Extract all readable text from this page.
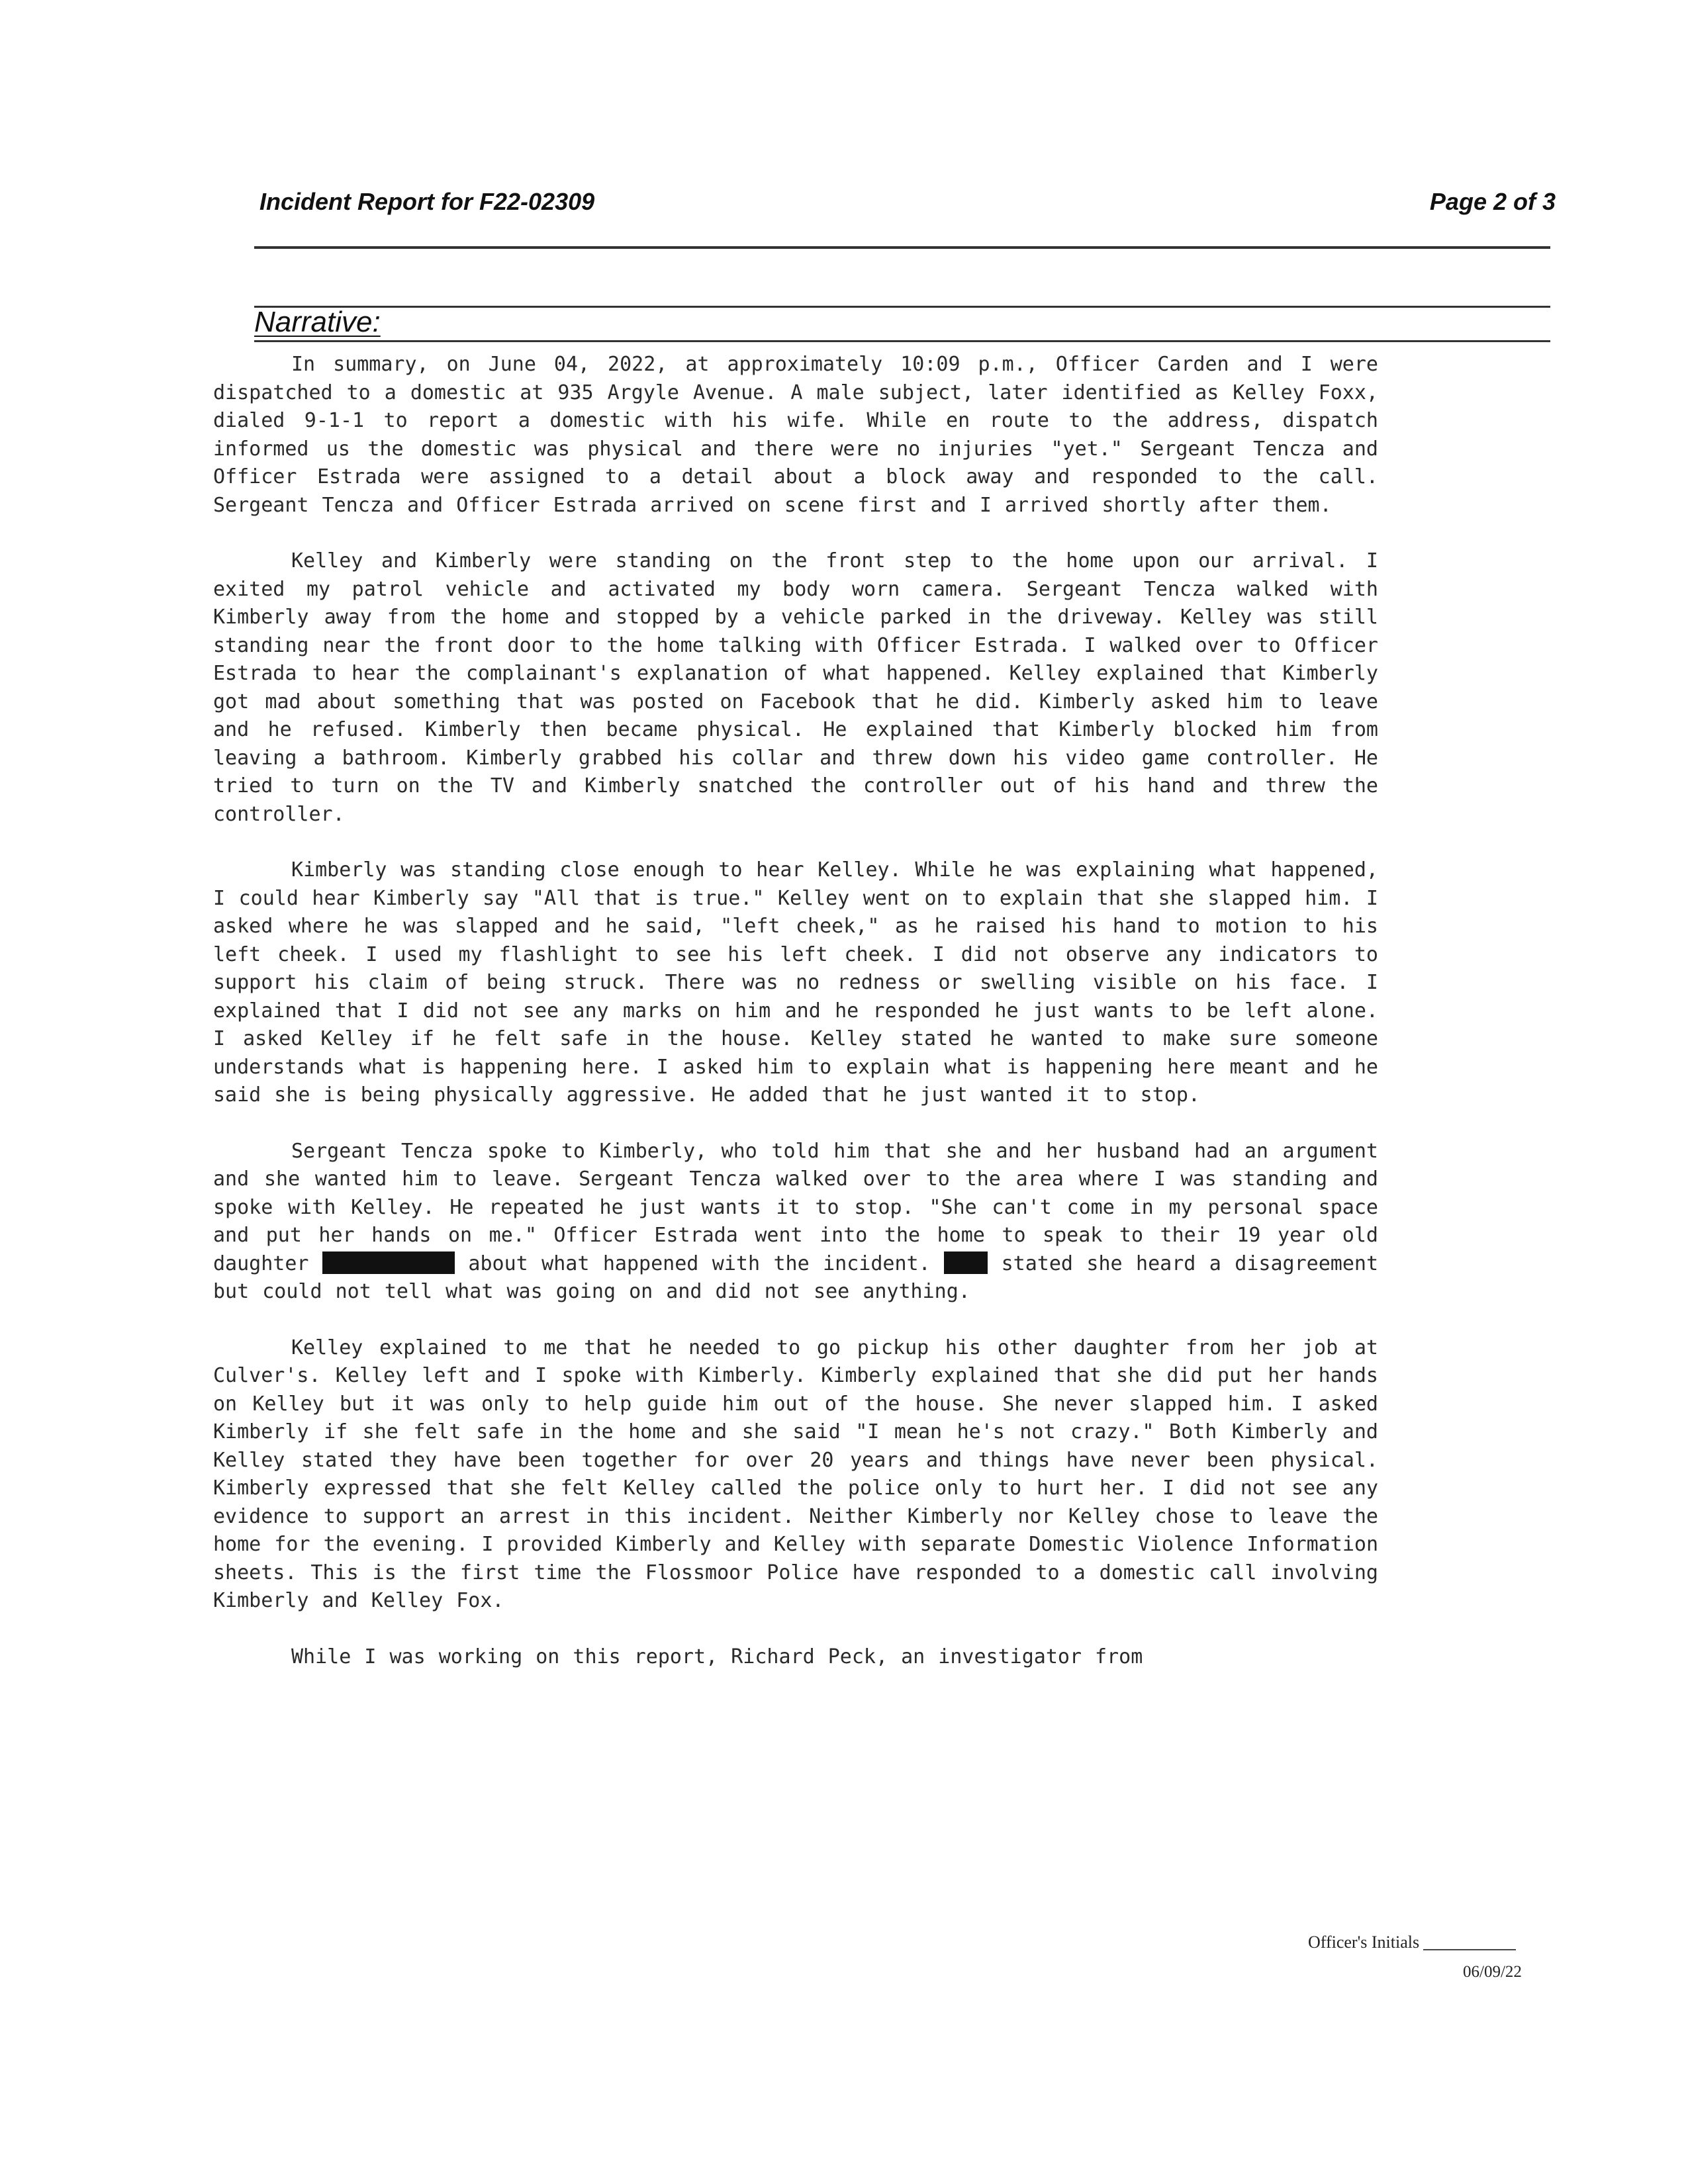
Incident Report for F22-02309	Page 2 of 3
Narrative:

In summary, on June 04, 2022, at approximately 10:09 p.m., Officer Carden and I were dispatched to a domestic at 935 Argyle Avenue. A male subject, later identified as Kelley Foxx, dialed 9-1-1 to report a domestic with his wife. While en route to the address, dispatch informed us the domestic was physical and there were no injuries "yet." Sergeant Tencza and Officer Estrada were assigned to a detail about a block away and responded to the call. Sergeant Tencza and Officer Estrada arrived on scene first and I arrived shortly after them.

Kelley and Kimberly were standing on the front step to the home upon our arrival. I exited my patrol vehicle and activated my body worn camera. Sergeant Tencza walked with Kimberly away from the home and stopped by a vehicle parked in the driveway. Kelley was still standing near the front door to the home talking with Officer Estrada. I walked over to Officer Estrada to hear the complainant's explanation of what happened. Kelley explained that Kimberly got mad about something that was posted on Facebook that he did. Kimberly asked him to leave and he refused. Kimberly then became physical. He explained that Kimberly blocked him from leaving a bathroom. Kimberly grabbed his collar and threw down his video game controller. He tried to turn on the TV and Kimberly snatched the controller out of his hand and threw the controller.

Kimberly was standing close enough to hear Kelley. While he was explaining what happened, I could hear Kimberly say "All that is true." Kelley went on to explain that she slapped him. I asked where he was slapped and he said, "left cheek," as he raised his hand to motion to his left cheek. I used my flashlight to see his left cheek. I did not observe any indicators to support his claim of being struck. There was no redness or swelling visible on his face. I explained that I did not see any marks on him and he responded he just wants to be left alone. I asked Kelley if he felt safe in the house. Kelley stated he wanted to make sure someone understands what is happening here. I asked him to explain what is happening here meant and he said she is being physically aggressive. He added that he just wanted it to stop.

Sergeant Tencza spoke to Kimberly, who told him that she and her husband had an argument and she wanted him to leave. Sergeant Tencza walked over to the area where I was standing and spoke with Kelley. He repeated he just wants it to stop. "She can't come in my personal space and put her hands on me." Officer Estrada went into the home to speak to their 19 year old daughter	about what happened with the incident.	stated she heard a disagreement but could not tell what was going on and did not see anything.

Kelley explained to me that he needed to go pickup his other daughter from her job at Culver's. Kelley left and I spoke with Kimberly. Kimberly explained that she did put her hands on Kelley but it was only to help guide him out of the house. She never slapped him. I asked Kimberly if she felt safe in the home and she said "I mean he's not crazy." Both Kimberly and Kelley stated they have been together for over 20 years and things have never been physical. Kimberly expressed that she felt Kelley called the police only to hurt her. I did not see any evidence to support an arrest in this incident. Neither Kimberly nor Kelley chose to leave the home for the evening. I provided Kimberly and Kelley with separate Domestic Violence Information sheets. This is the first time the Flossmoor Police have responded to a domestic call involving Kimberly and Kelley Fox.

While I was working on this report, Richard Peck, an investigator from

Officer's Initials
06/09/22
